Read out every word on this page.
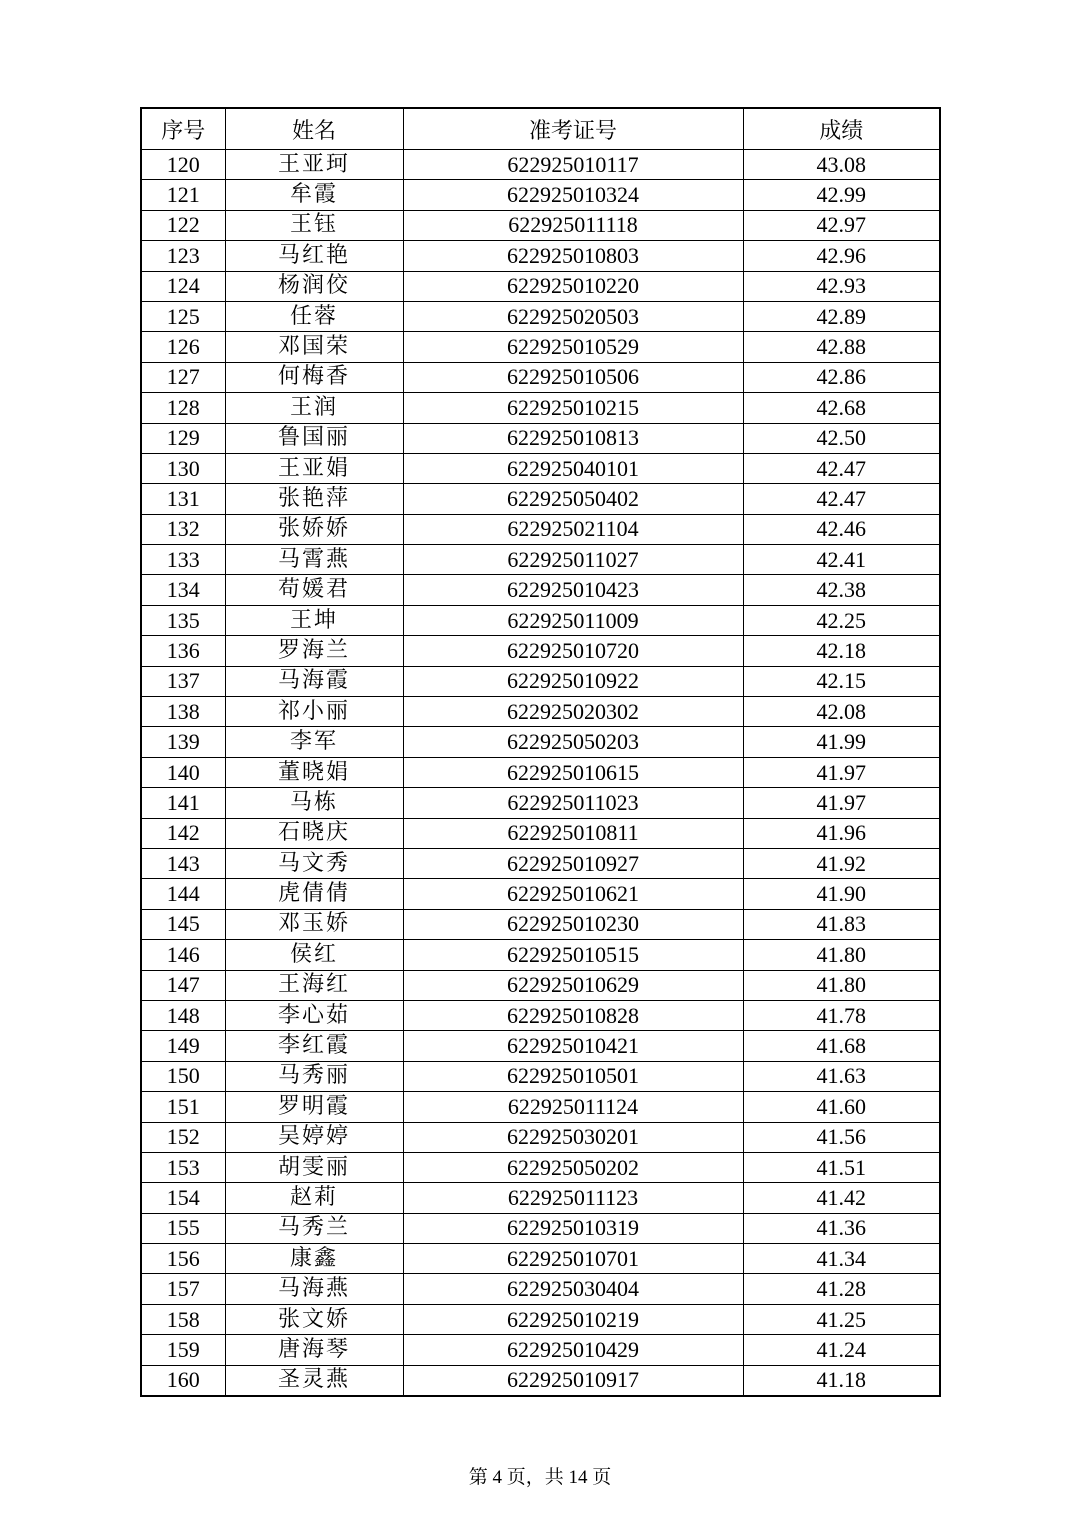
序号	姓名	准考证号	成绩
120	王亚珂	622925010117	43.08
121	牟霞	622925010324	42.99
122	王钰	622925011118	42.97
123	马红艳	622925010803	42.96
124	杨润佼	622925010220	42.93
125	任蓉	622925020503	42.89
126	邓国荣	622925010529	42.88
127	何梅香	622925010506	42.86
128	王润	622925010215	42.68
129	鲁国丽	622925010813	42.50
130	王亚娟	622925040101	42.47
131	张艳萍	622925050402	42.47
132	张娇娇	622925021104	42.46
133	马霄燕	622925011027	42.41
134	苟媛君	622925010423	42.38
135	王坤	622925011009	42.25
136	罗海兰	622925010720	42.18
137	马海霞	622925010922	42.15
138	祁小丽	622925020302	42.08
139	李军	622925050203	41.99
140	董晓娟	622925010615	41.97
141	马栋	622925011023	41.97
142	石晓庆	622925010811	41.96
143	马文秀	622925010927	41.92
144	虎倩倩	622925010621	41.90
145	邓玉娇	622925010230	41.83
146	侯红	622925010515	41.80
147	王海红	622925010629	41.80
148	李心茹	622925010828	41.78
149	李红霞	622925010421	41.68
150	马秀丽	622925010501	41.63
151	罗明霞	622925011124	41.60
152	吴婷婷	622925030201	41.56
153	胡雯丽	622925050202	41.51
154	赵莉	622925011123	41.42
155	马秀兰	622925010319	41.36
156	康鑫	622925010701	41.34
157	马海燕	622925030404	41.28
158	张文娇	622925010219	41.25
159	唐海琴	622925010429	41.24
160	圣灵燕	622925010917	41.18
第 4 页，共 14 页
